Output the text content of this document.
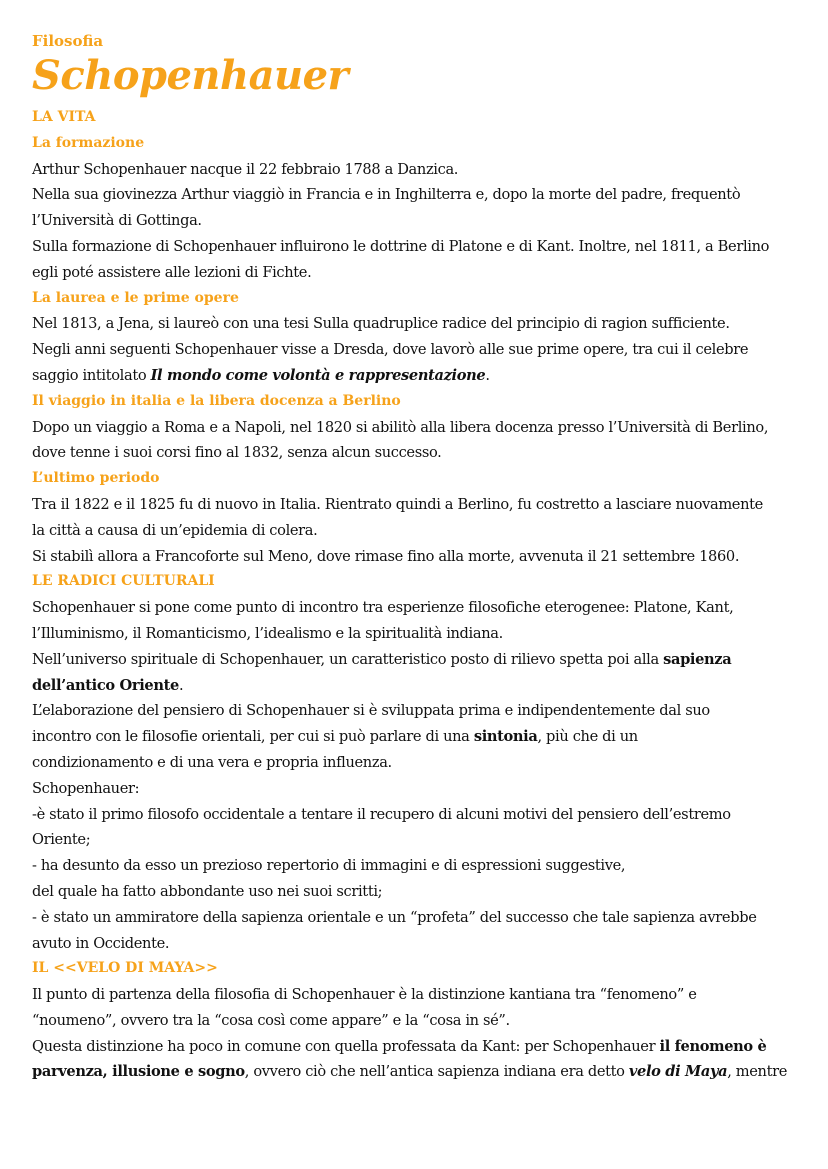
Filosofia
Schopenhauer
LA VITA
La formazione
Arthur Schopenhauer nacque il 22 febbraio 1788 a Danzica.
Nella sua giovinezza Arthur viaggiò in Francia e in Inghilterra e, dopo la morte del padre, frequentò
l’Università di Gottinga.
Sulla formazione di Schopenhauer influirono le dottrine di Platone e di Kant. Inoltre, nel 1811, a Berlino
egli poté assistere alle lezioni di Fichte.
La laurea e le prime opere
Nel 1813, a Jena, si laureò con una tesi Sulla quadruplice radice del principio di ragion sufficiente.
Negli anni seguenti Schopenhauer visse a Dresda, dove lavorò alle sue prime opere, tra cui il celebre
saggio intitolato Il mondo come volontà e rappresentazione.
Il viaggio in italia e la libera docenza a Berlino
Dopo un viaggio a Roma e a Napoli, nel 1820 si abilitò alla libera docenza presso l’Università di Berlino,
dove tenne i suoi corsi fino al 1832, senza alcun successo.
L’ultimo periodo
Tra il 1822 e il 1825 fu di nuovo in Italia. Rientrato quindi a Berlino, fu costretto a lasciare nuovamente
la città a causa di un’epidemia di colera.
Si stabilì allora a Francoforte sul Meno, dove rimase fino alla morte, avvenuta il 21 settembre 1860.
LE RADICI CULTURALI
Schopenhauer si pone come punto di incontro tra esperienze filosofiche eterogenee: Platone, Kant,
l’Illuminismo, il Romanticismo, l’idealismo e la spiritualità indiana.
Nell’universo spirituale di Schopenhauer, un caratteristico posto di rilievo spetta poi alla sapienza
dell’antico Oriente.
L’elaborazione del pensiero di Schopenhauer si è sviluppata prima e indipendentemente dal suo
incontro con le filosofie orientali, per cui si può parlare di una sintonia, più che di un
condizionamento e di una vera e propria influenza.
Schopenhauer:
-è stato il primo filosofo occidentale a tentare il recupero di alcuni motivi del pensiero dell’estremo
Oriente;
- ha desunto da esso un prezioso repertorio di immagini e di espressioni suggestive,
del quale ha fatto abbondante uso nei suoi scritti;
- è stato un ammiratore della sapienza orientale e un “profeta” del successo che tale sapienza avrebbe
avuto in Occidente.
IL <<VELO DI MAYA>>
Il punto di partenza della filosofia di Schopenhauer è la distinzione kantiana tra “fenomeno” e
“noumeno”, ovvero tra la “cosa così come appare” e la “cosa in sé”.
Questa distinzione ha poco in comune con quella professata da Kant: per Schopenhauer il fenomeno è
parvenza, illusione e sogno, ovvero ciò che nell’antica sapienza indiana era detto velo di Maya, mentre
